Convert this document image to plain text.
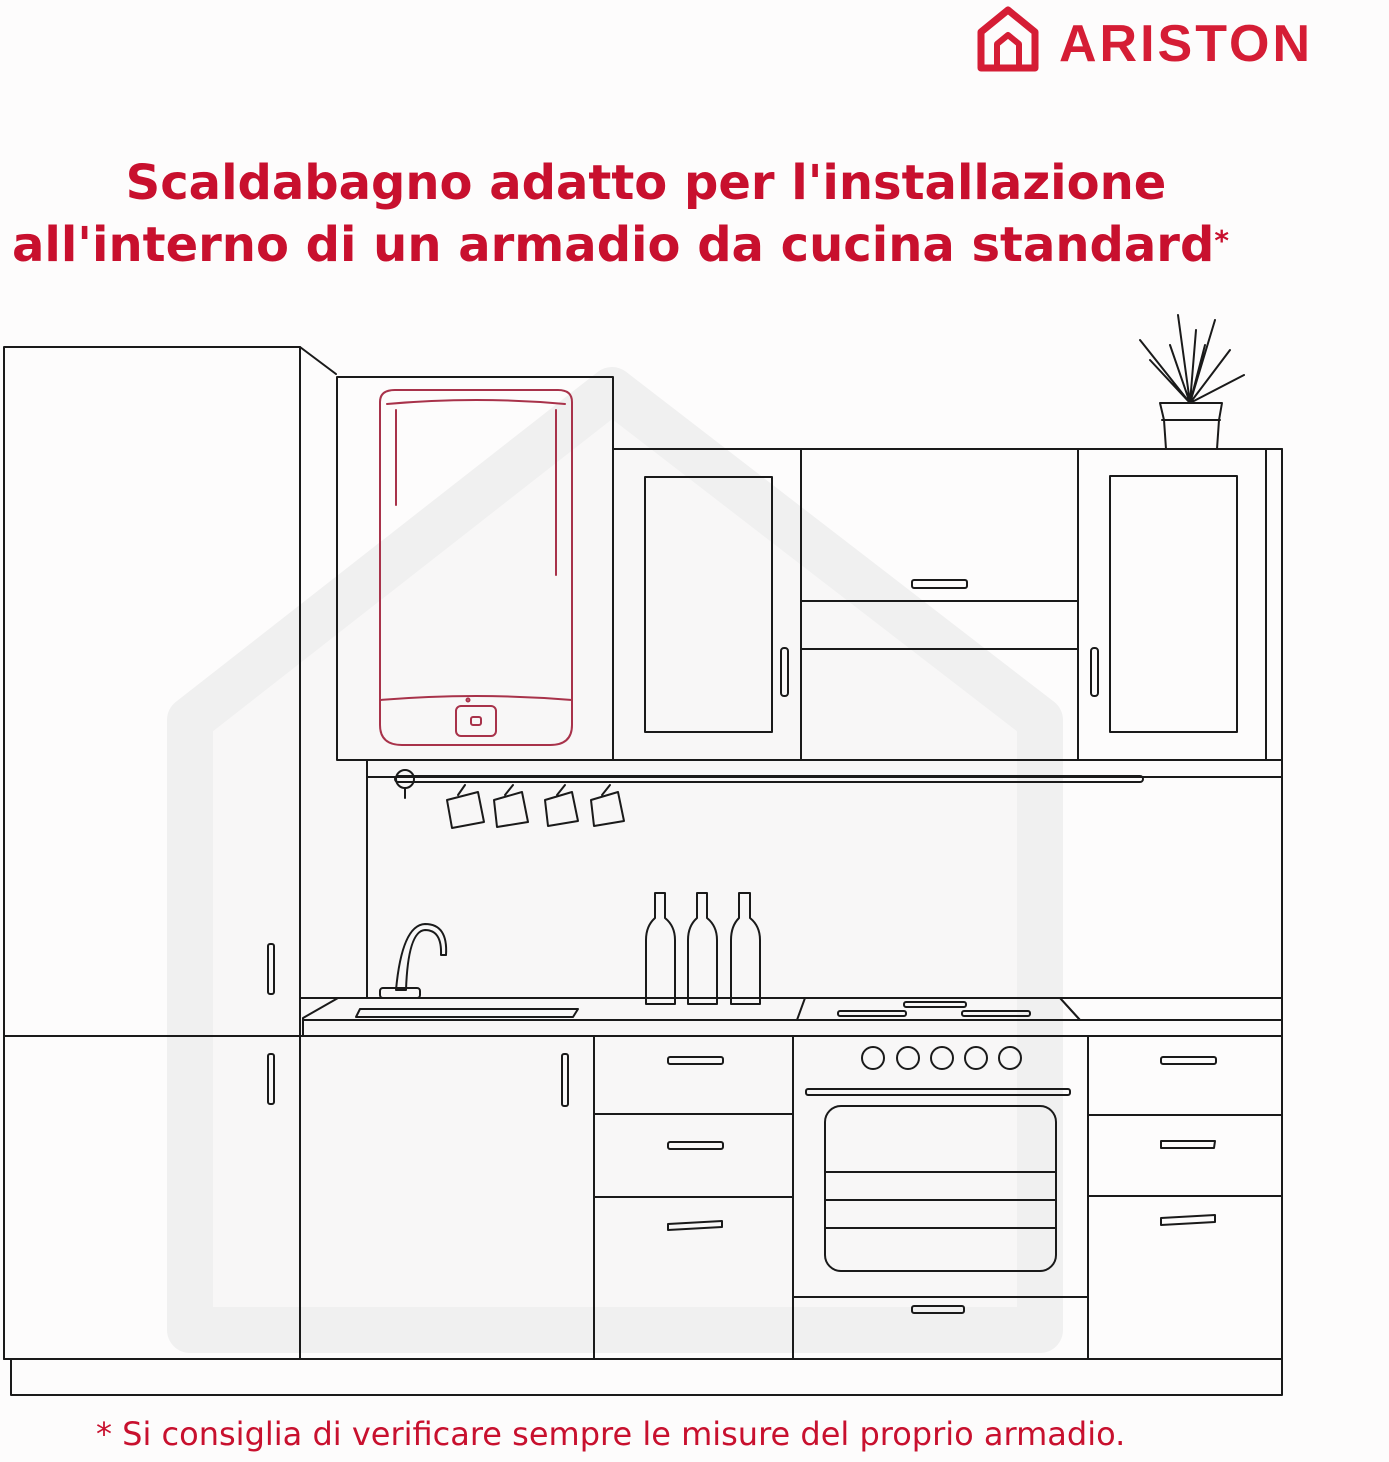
ARISTON
Scaldabagno adatto per l'installazione
all'interno di un armadio da cucina standard*
* Si consiglia di verificare sempre le misure del proprio armadio.
